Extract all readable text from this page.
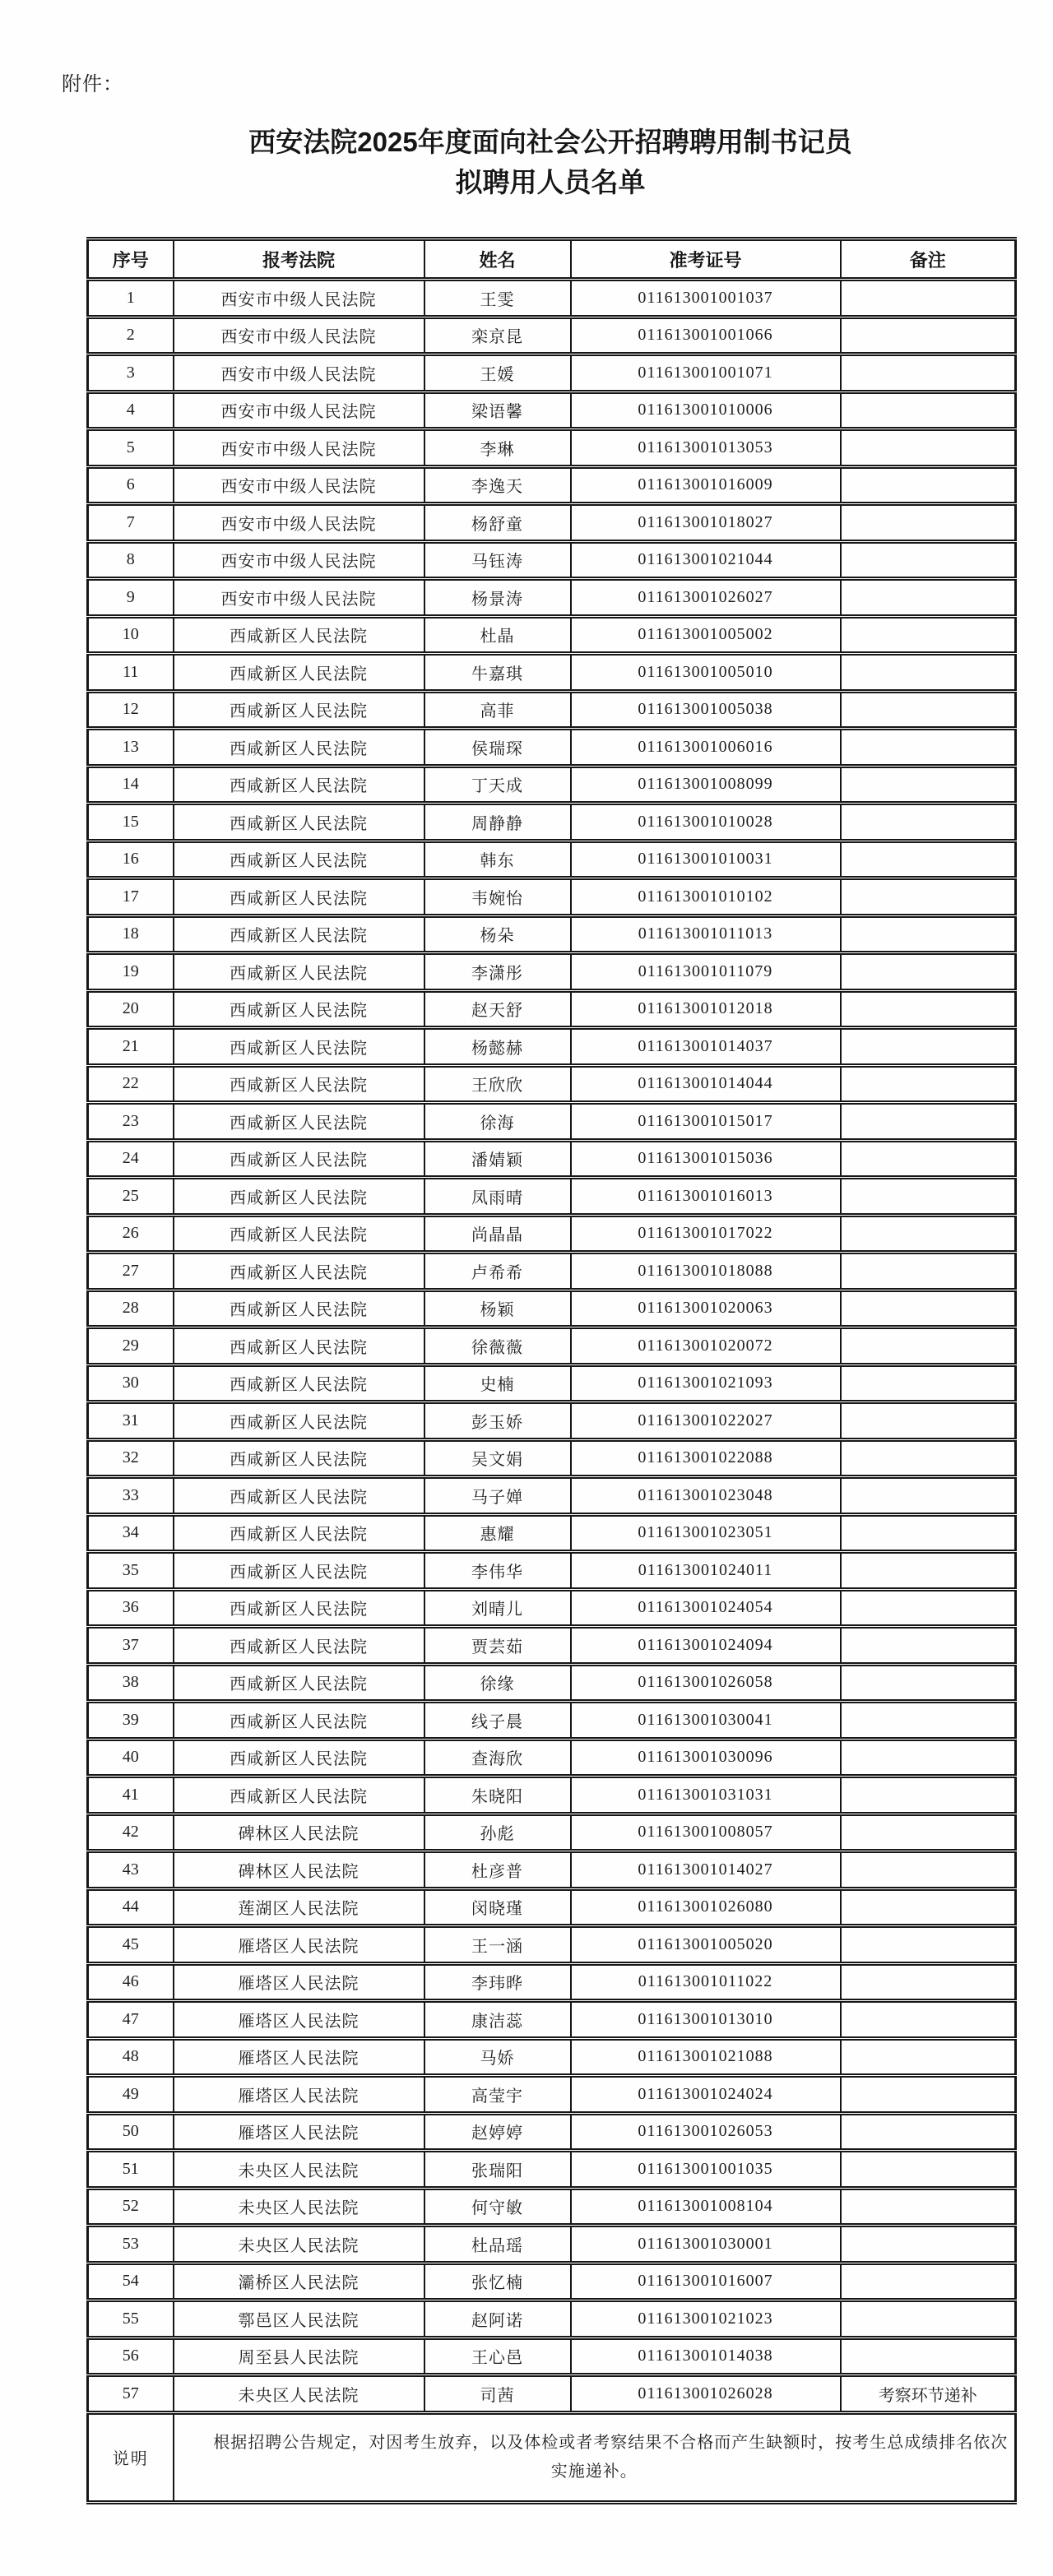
附件：
西安法院2025年度面向社会公开招聘聘用制书记员
拟聘用人员名单
序号	报考法院	姓名	准考证号	备注
1	西安市中级人民法院	王雯	011613001001037	
2	西安市中级人民法院	栾京昆	011613001001066	
3	西安市中级人民法院	王媛	011613001001071	
4	西安市中级人民法院	梁语馨	011613001010006	
5	西安市中级人民法院	李琳	011613001013053	
6	西安市中级人民法院	李逸天	011613001016009	
7	西安市中级人民法院	杨舒童	011613001018027	
8	西安市中级人民法院	马钰涛	011613001021044	
9	西安市中级人民法院	杨景涛	011613001026027	
10	西咸新区人民法院	杜晶	011613001005002	
11	西咸新区人民法院	牛嘉琪	011613001005010	
12	西咸新区人民法院	高菲	011613001005038	
13	西咸新区人民法院	侯瑞琛	011613001006016	
14	西咸新区人民法院	丁天成	011613001008099	
15	西咸新区人民法院	周静静	011613001010028	
16	西咸新区人民法院	韩东	011613001010031	
17	西咸新区人民法院	韦婉怡	011613001010102	
18	西咸新区人民法院	杨朵	011613001011013	
19	西咸新区人民法院	李潇彤	011613001011079	
20	西咸新区人民法院	赵天舒	011613001012018	
21	西咸新区人民法院	杨懿赫	011613001014037	
22	西咸新区人民法院	王欣欣	011613001014044	
23	西咸新区人民法院	徐海	011613001015017	
24	西咸新区人民法院	潘婧颖	011613001015036	
25	西咸新区人民法院	凤雨晴	011613001016013	
26	西咸新区人民法院	尚晶晶	011613001017022	
27	西咸新区人民法院	卢希希	011613001018088	
28	西咸新区人民法院	杨颖	011613001020063	
29	西咸新区人民法院	徐薇薇	011613001020072	
30	西咸新区人民法院	史楠	011613001021093	
31	西咸新区人民法院	彭玉娇	011613001022027	
32	西咸新区人民法院	吴文娟	011613001022088	
33	西咸新区人民法院	马子婵	011613001023048	
34	西咸新区人民法院	惠耀	011613001023051	
35	西咸新区人民法院	李伟华	011613001024011	
36	西咸新区人民法院	刘晴儿	011613001024054	
37	西咸新区人民法院	贾芸茹	011613001024094	
38	西咸新区人民法院	徐缘	011613001026058	
39	西咸新区人民法院	线子晨	011613001030041	
40	西咸新区人民法院	查海欣	011613001030096	
41	西咸新区人民法院	朱晓阳	011613001031031	
42	碑林区人民法院	孙彪	011613001008057	
43	碑林区人民法院	杜彦普	011613001014027	
44	莲湖区人民法院	闵晓瑾	011613001026080	
45	雁塔区人民法院	王一涵	011613001005020	
46	雁塔区人民法院	李玮晔	011613001011022	
47	雁塔区人民法院	康洁蕊	011613001013010	
48	雁塔区人民法院	马娇	011613001021088	
49	雁塔区人民法院	高莹宇	011613001024024	
50	雁塔区人民法院	赵婷婷	011613001026053	
51	未央区人民法院	张瑞阳	011613001001035	
52	未央区人民法院	何守敏	011613001008104	
53	未央区人民法院	杜品瑶	011613001030001	
54	灞桥区人民法院	张忆楠	011613001016007	
55	鄠邑区人民法院	赵阿诺	011613001021023	
56	周至县人民法院	王心邑	011613001014038	
57	未央区人民法院	司茜	011613001026028	考察环节递补
说明	根据招聘公告规定，对因考生放弃，以及体检或者考察结果不合格而产生缺额时，按考生总成绩排名依次实施递补。			
